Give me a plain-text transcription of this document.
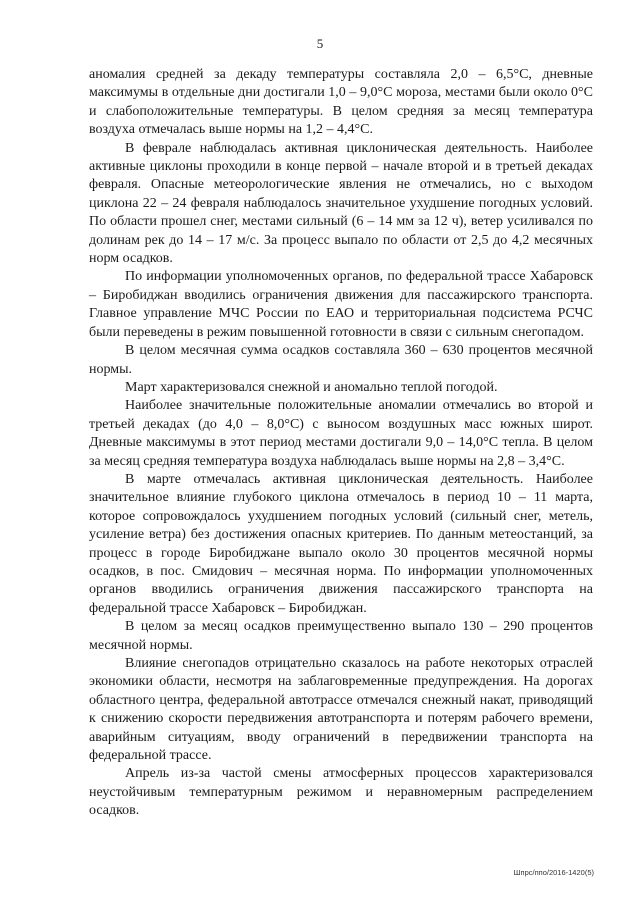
5

аномалия средней за декаду температуры составляла 2,0 – 6,5°С, дневные максимумы в отдельные дни достигали 1,0 – 9,0°С мороза, местами были около 0°С и слабоположительные температуры. В целом средняя за месяц температура воздуха отмечалась выше нормы на 1,2 – 4,4°С.

В феврале наблюдалась активная циклоническая деятельность. Наиболее активные циклоны проходили в конце первой – начале второй и в третьей декадах февраля. Опасные метеорологические явления не отмечались, но с выходом циклона 22 – 24 февраля наблюдалось значительное ухудшение погодных условий. По области прошел снег, местами сильный (6 – 14 мм за 12 ч), ветер усиливался по долинам рек до 14 – 17 м/с. За процесс выпало по области от 2,5 до 4,2 месячных норм осадков.

По информации уполномоченных органов, по федеральной трассе Хабаровск – Биробиджан вводились ограничения движения для пассажирского транспорта. Главное управление МЧС России по ЕАО и территориальная подсистема РСЧС были переведены в режим повышенной готовности в связи с сильным снегопадом.

В целом месячная сумма осадков составляла 360 – 630 процентов месячной нормы.

Март характеризовался снежной и аномально теплой погодой.

Наиболее значительные положительные аномалии отмечались во второй и третьей декадах (до 4,0 – 8,0°С) с выносом воздушных масс южных широт. Дневные максимумы в этот период местами достигали 9,0 – 14,0°С тепла. В целом за месяц средняя температура воздуха наблюдалась выше нормы на 2,8 – 3,4°С.

В марте отмечалась активная циклоническая деятельность. Наиболее значительное влияние глубокого циклона отмечалось в период 10 – 11 марта, которое сопровождалось ухудшением погодных условий (сильный снег, метель, усиление ветра) без достижения опасных критериев. По данным метеостанций, за процесс в городе Биробиджане выпало около 30 процентов месячной нормы осадков, в пос. Смидович – месячная норма. По информации уполномоченных органов вводились ограничения движения пассажирского транспорта на федеральной трассе Хабаровск – Биробиджан.

В целом за месяц осадков преимущественно выпало 130 – 290 процентов месячной нормы.

Влияние снегопадов отрицательно сказалось на работе некоторых отраслей экономики области, несмотря на заблаговременные предупреждения. На дорогах областного центра, федеральной автотрассе отмечался снежный накат, приводящий к снижению скорости передвижения автотранспорта и потерям рабочего времени, аварийным ситуациям, вводу ограничений в передвижении транспорта на федеральной трассе.

Апрель из-за частой смены атмосферных процессов характеризовался неустойчивым температурным режимом и неравномерным распределением осадков.

Шпрс/ппо/2016-1420(5)
